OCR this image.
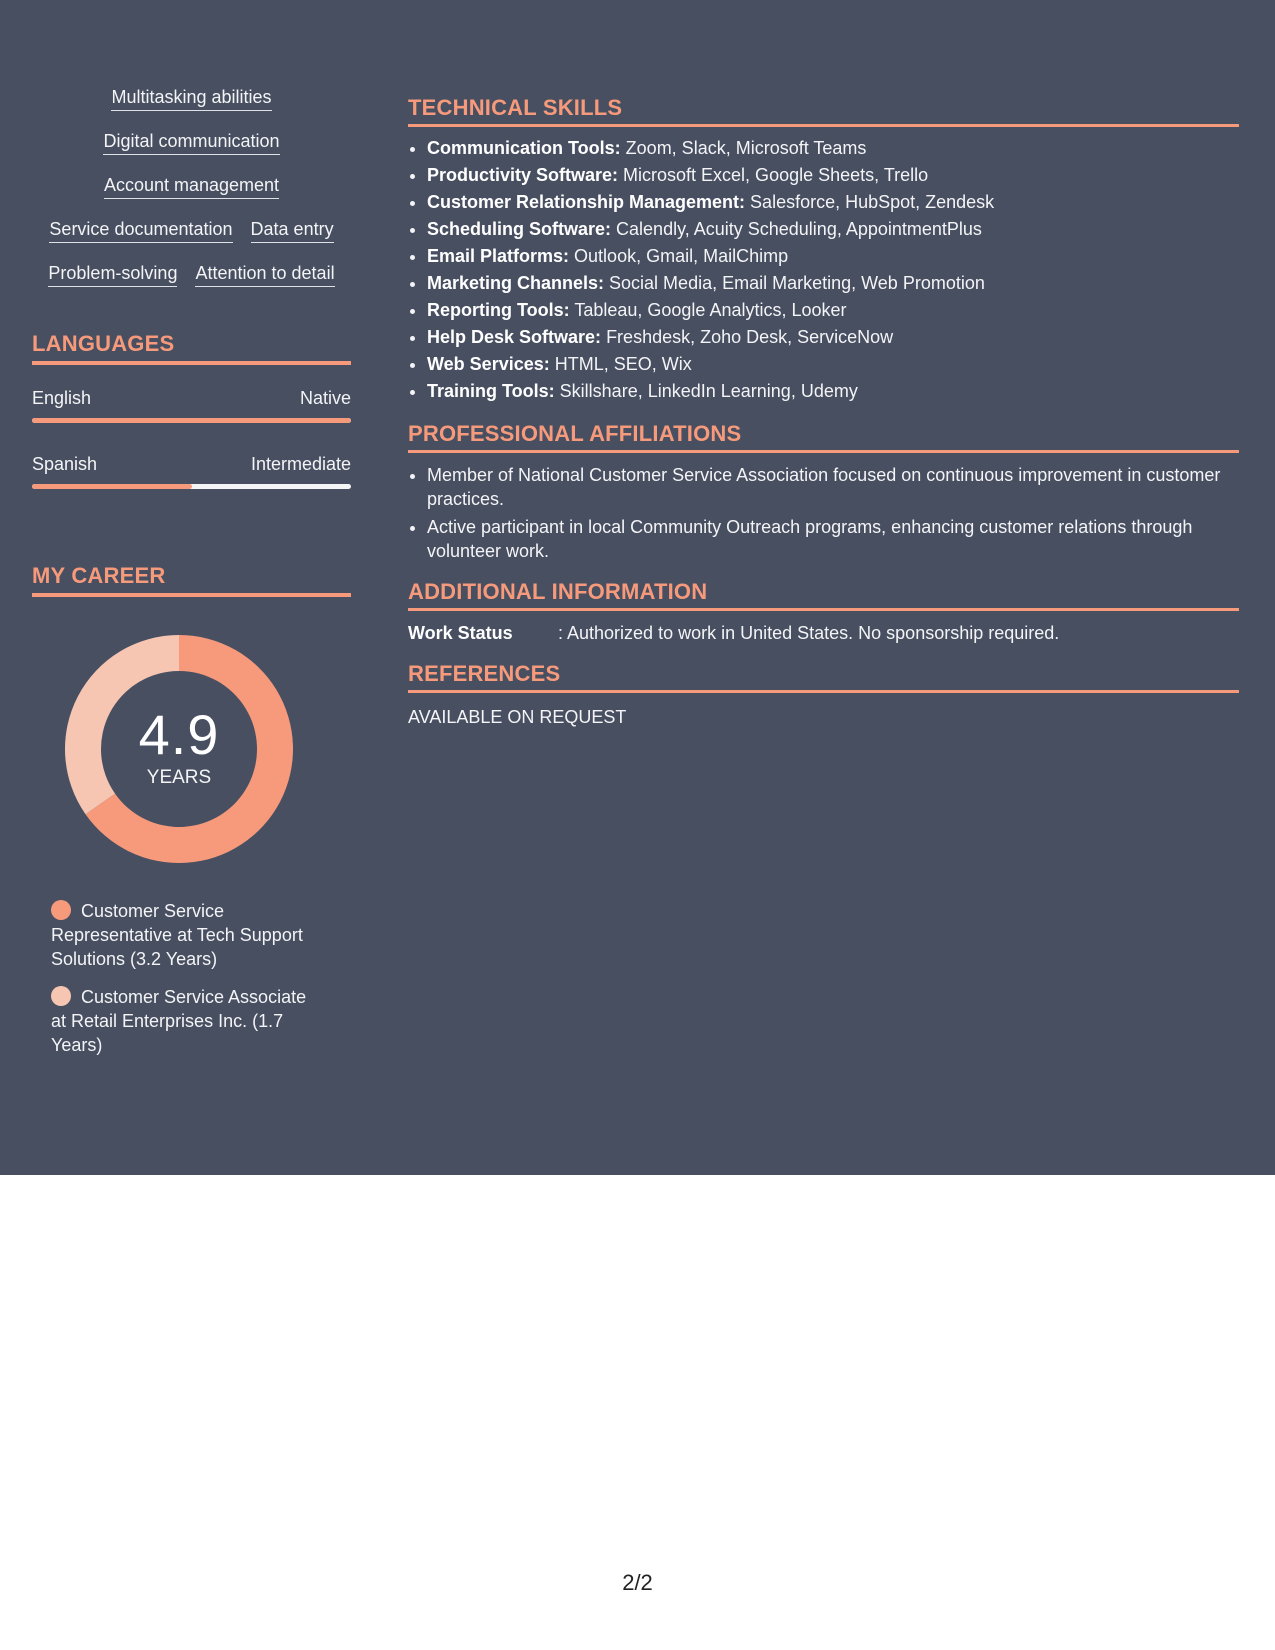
Multitasking abilities
Digital communication
Account management
Service documentation Data entry
Problem-solving Attention to detail
LANGUAGES
English	Native
Spanish	Intermediate
MY CAREER
4.9
YEARS
Customer Service Representative at Tech Support Solutions (3.2 Years)
Customer Service Associate at Retail Enterprises Inc. (1.7 Years)
TECHNICAL SKILLS
• Communication Tools: Zoom, Slack, Microsoft Teams
• Productivity Software: Microsoft Excel, Google Sheets, Trello
• Customer Relationship Management: Salesforce, HubSpot, Zendesk
• Scheduling Software: Calendly, Acuity Scheduling, AppointmentPlus
• Email Platforms: Outlook, Gmail, MailChimp
• Marketing Channels: Social Media, Email Marketing, Web Promotion
• Reporting Tools: Tableau, Google Analytics, Looker
• Help Desk Software: Freshdesk, Zoho Desk, ServiceNow
• Web Services: HTML, SEO, Wix
• Training Tools: Skillshare, LinkedIn Learning, Udemy
PROFESSIONAL AFFILIATIONS
• Member of National Customer Service Association focused on continuous improvement in customer practices.
• Active participant in local Community Outreach programs, enhancing customer relations through volunteer work.
ADDITIONAL INFORMATION
Work Status	: Authorized to work in United States. No sponsorship required.
REFERENCES
AVAILABLE ON REQUEST
2/2
